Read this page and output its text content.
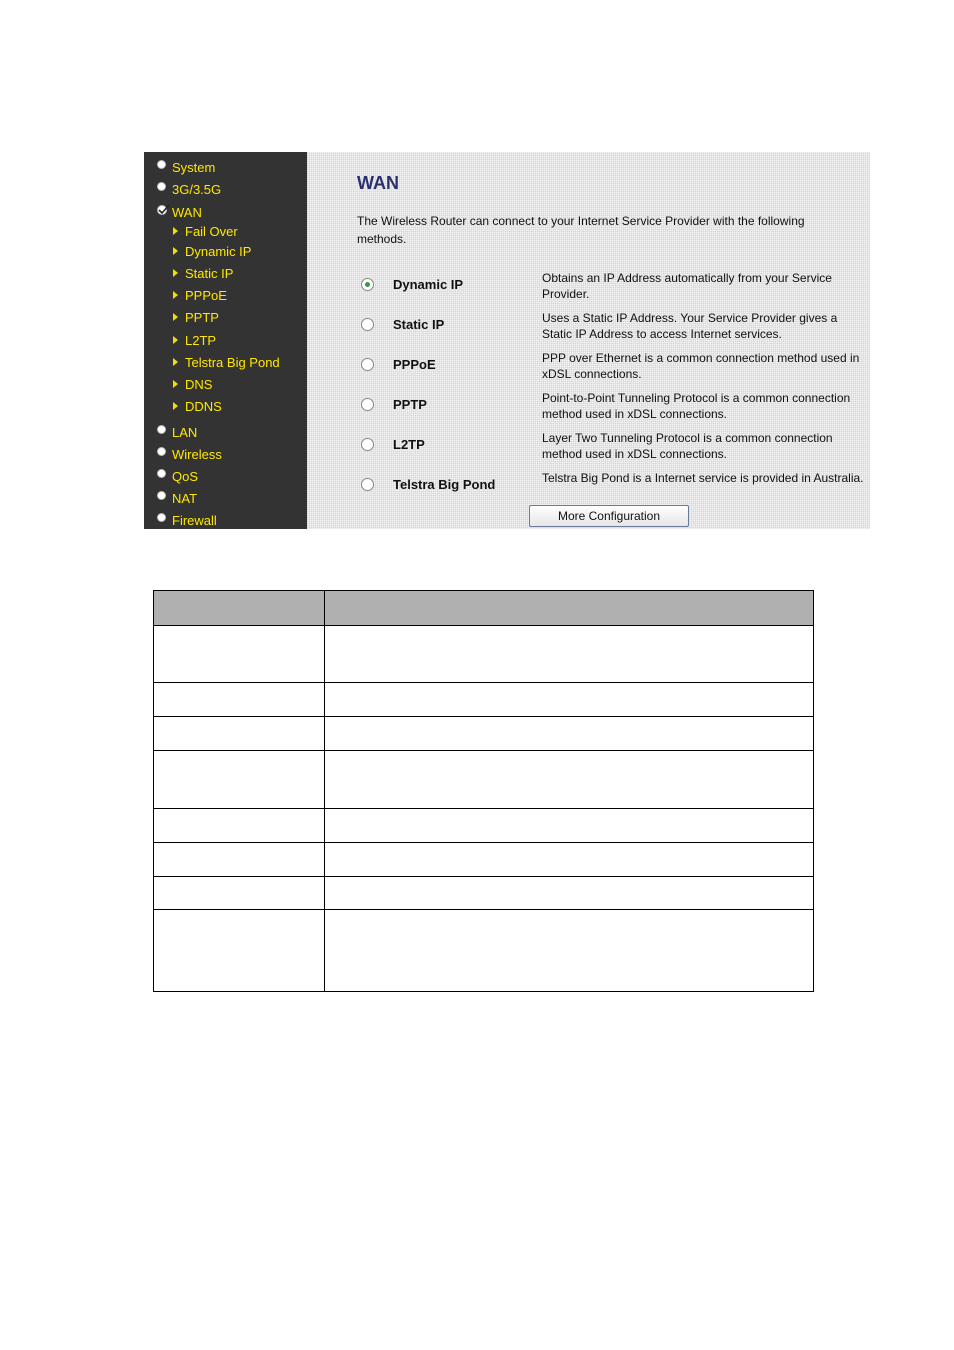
System
3G/3.5G
WAN
Fail Over
Dynamic IP
Static IP
PPPoE
PPTP
L2TP
Telstra Big Pond
DNS
DDNS
LAN
Wireless
QoS
NAT
Firewall
WAN
The Wireless Router can connect to your Internet Service Provider with the following methods.
Dynamic IP	Obtains an IP Address automatically from your Service Provider.
Static IP	Uses a Static IP Address. Your Service Provider gives a Static IP Address to access Internet services.
PPPoE	PPP over Ethernet is a common connection method used in xDSL connections.
PPTP	Point-to-Point Tunneling Protocol is a common connection method used in xDSL connections.
L2TP	Layer Two Tunneling Protocol is a common connection method used in xDSL connections.
Telstra Big Pond	Telstra Big Pond is a Internet service is provided in Australia.
More Configuration
